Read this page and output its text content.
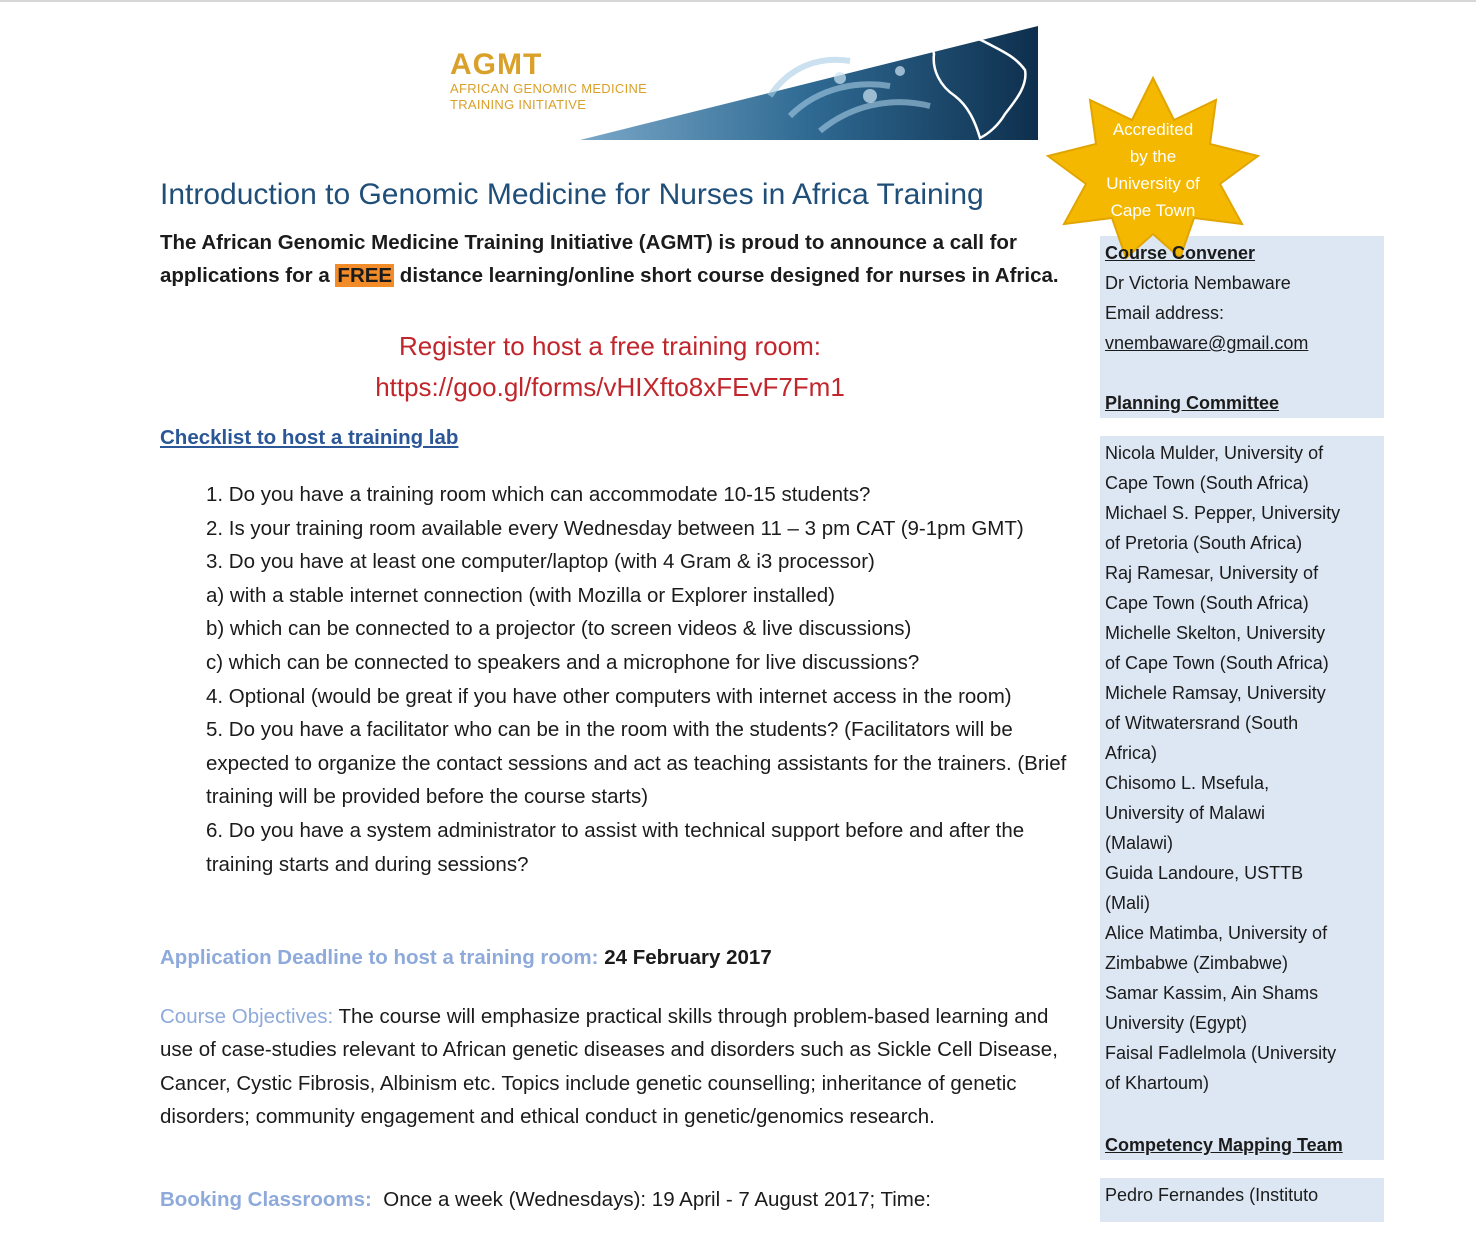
AGMT
AFRICAN GENOMIC MEDICINE
TRAINING INITIATIVE
Accredited
by the
University of
Cape Town
Introduction to Genomic Medicine for Nurses in Africa Training
The African Genomic Medicine Training Initiative (AGMT) is proud to announce a call for applications for a FREE distance learning/online short course designed for nurses in Africa.
Register to host a free training room:
https://goo.gl/forms/vHIXfto8xFEvF7Fm1
Checklist to host a training lab
1. Do you have a training room which can accommodate 10-15 students?
2. Is your training room available every Wednesday between 11 – 3 pm CAT (9-1pm GMT)
3. Do you have at least one computer/laptop (with 4 Gram & i3 processor)
a) with a stable internet connection (with Mozilla or Explorer installed)
b) which can be connected to a projector (to screen videos & live discussions)
c) which can be connected to speakers and a microphone for live discussions?
4. Optional (would be great if you have other computers with internet access in the room)
5. Do you have a facilitator who can be in the room with the students? (Facilitators will be expected to organize the contact sessions and act as teaching assistants for the trainers. (Brief training will be provided before the course starts)
6. Do you have a system administrator to assist with technical support before and after the training starts and during sessions?
Application Deadline to host a training room: 24 February 2017
Course Objectives: The course will emphasize practical skills through problem-based learning and use of case-studies relevant to African genetic diseases and disorders such as Sickle Cell Disease, Cancer, Cystic Fibrosis, Albinism etc. Topics include genetic counselling; inheritance of genetic disorders; community engagement and ethical conduct in genetic/genomics research.
Booking Classrooms:  Once a week (Wednesdays): 19 April - 7 August 2017; Time:
Course Convener
Dr Victoria Nembaware
Email address:
vnembaware@gmail.com
Planning Committee
Nicola Mulder, University of
Cape Town (South Africa)
Michael S. Pepper, University
of Pretoria (South Africa)
Raj Ramesar, University of
Cape Town (South Africa)
Michelle Skelton, University
of Cape Town (South Africa)
Michele Ramsay, University
of Witwatersrand (South
Africa)
Chisomo L. Msefula,
University of Malawi
(Malawi)
Guida Landoure, USTTB
(Mali)
Alice Matimba, University of
Zimbabwe (Zimbabwe)
Samar Kassim, Ain Shams
University (Egypt)
Faisal Fadlelmola (University
of Khartoum)
Competency Mapping Team
Pedro Fernandes (Instituto
